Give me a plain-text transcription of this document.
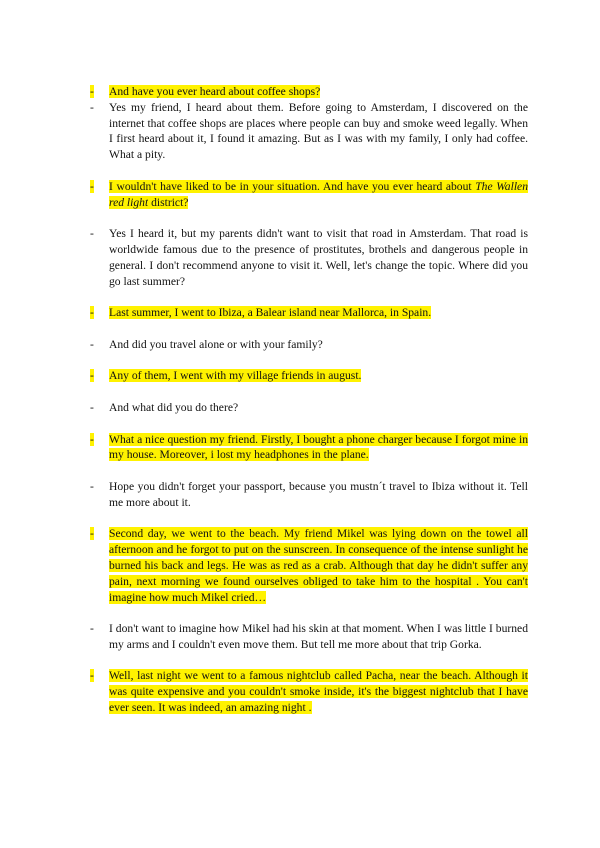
-	And have you ever heard about coffee shops?
-	Yes my friend, I heard about them. Before going to Amsterdam, I discovered on the internet that coffee shops are places where people can buy and smoke weed legally. When I first heard about it, I found it amazing. But as I was with my family, I only had coffee. What a pity.
-	I wouldn't have liked to be in your situation. And have you ever heard about The Wallen red light district?
-	Yes I heard it, but my parents didn't want to visit that road in Amsterdam. That road is worldwide famous due to the presence of prostitutes, brothels and dangerous people in general. I don't recommend anyone to visit it. Well, let's change the topic. Where did you go last summer?
-	Last summer, I went to Ibiza, a Balear island near Mallorca, in Spain.
-	And did you travel alone or with your family?
-	Any of them, I went with my village friends in august.
-	And what did you do there?
-	What a nice question my friend. Firstly, I bought a phone charger because I forgot mine in my house. Moreover, i lost my headphones in the plane.
-	Hope you didn't forget your passport, because you mustn´t travel to Ibiza without it. Tell me more about it.
-	Second day, we went to the beach. My friend Mikel was lying down on the towel all afternoon and he forgot to put on the sunscreen. In consequence of the intense sunlight he burned his back and legs. He was as red as a crab. Although that day he didn't suffer any pain, next morning we found ourselves obliged to take him to the hospital . You can't imagine how much Mikel cried…
-	I don't want to imagine how Mikel had his skin at that moment. When I was little I burned my arms and I couldn't even move them. But tell me more about that trip Gorka.
-	Well, last night we went to a famous nightclub called Pacha, near the beach. Although it was quite expensive and you couldn't smoke inside, it's the biggest nightclub that I have ever seen. It was indeed, an amazing night .
